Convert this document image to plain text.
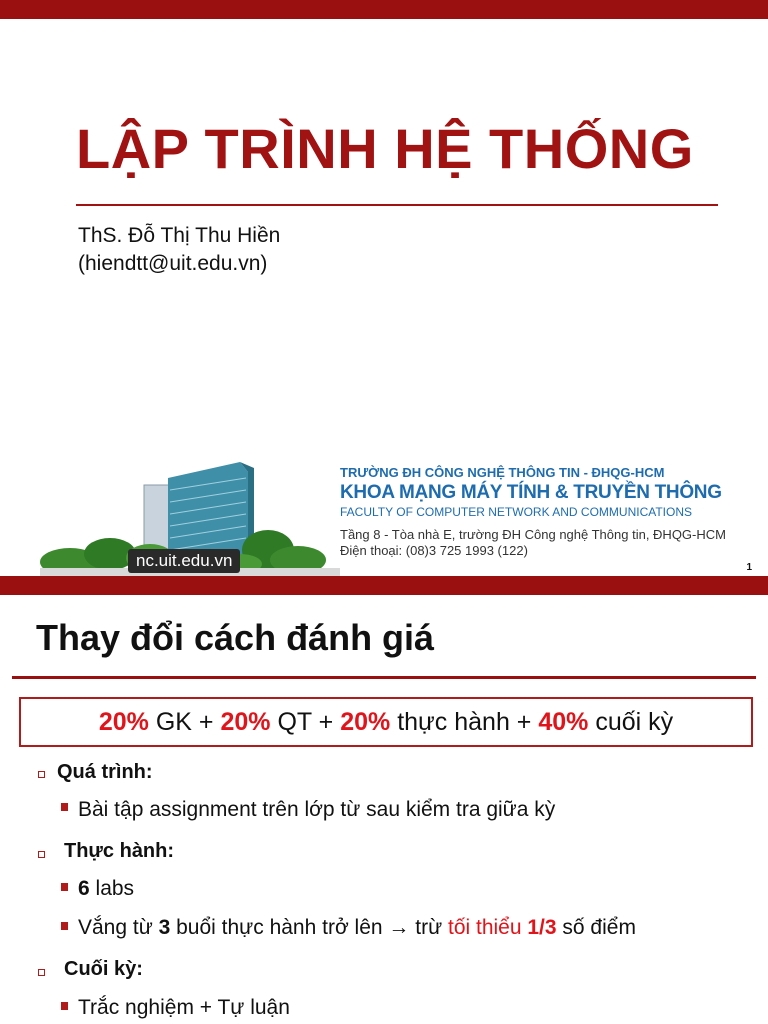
LẬP TRÌNH HỆ THỐNG
ThS. Đỗ Thị Thu Hiền
(hiendtt@uit.edu.vn)
TRƯỜNG ĐH CÔNG NGHỆ THÔNG TIN - ĐHQG-HCM
KHOA MẠNG MÁY TÍNH & TRUYỀN THÔNG
FACULTY OF COMPUTER NETWORK AND COMMUNICATIONS
Tầng 8 - Tòa nhà E, trường ĐH Công nghệ Thông tin, ĐHQG-HCM
Điện thoại: (08)3 725 1993 (122)
nc.uit.edu.vn	1
Thay đổi cách đánh giá
20% GK + 20% QT + 20% thực hành + 40% cuối kỳ
Quá trình:
Bài tập assignment trên lớp từ sau kiểm tra giữa kỳ
Thực hành:
6 labs
Vắng từ 3 buổi thực hành trở lên → trừ tối thiểu 1/3 số điểm
Cuối kỳ:
Trắc nghiệm + Tự luận
